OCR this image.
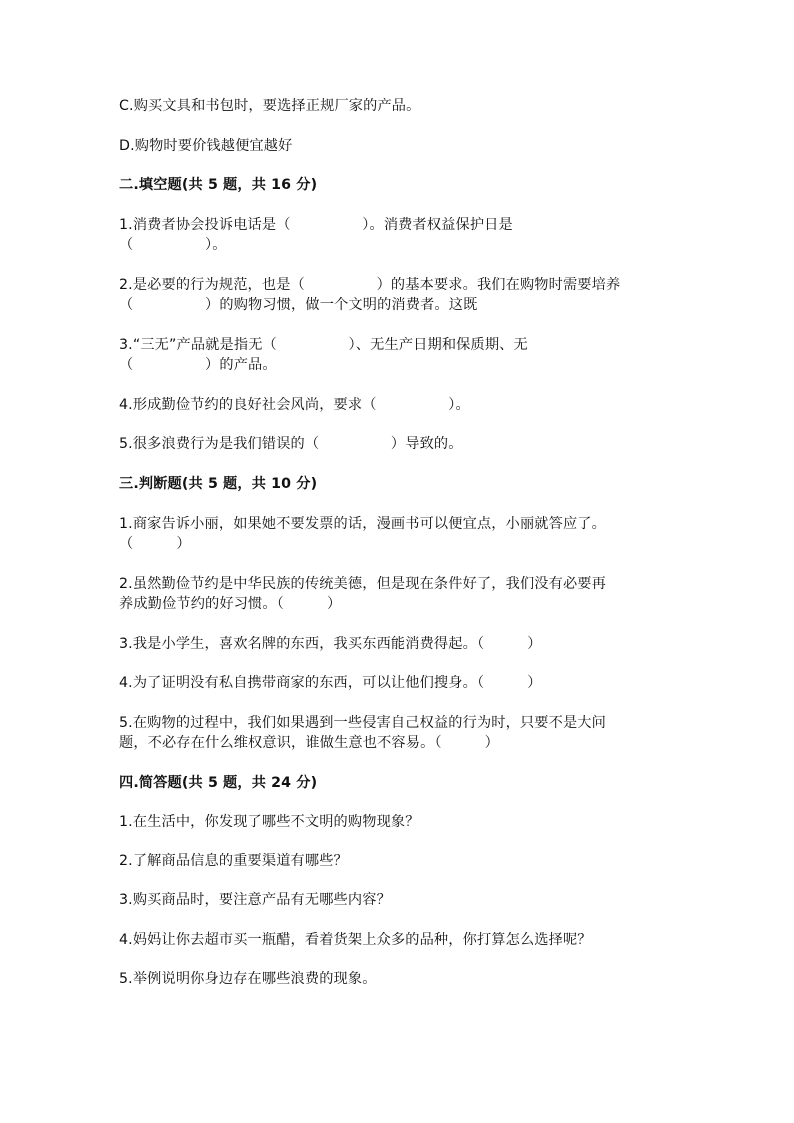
C.购买文具和书包时，要选择正规厂家的产品。
D.购物时要价钱越便宜越好
二.填空题(共 5 题，共 16 分)
1.消费者协会投诉电话是（　　　　　）。消费者权益保护日是
（　　　　　）。
2.是必要的行为规范，也是（　　　　　）的基本要求。我们在购物时需要培养
（　　　　　）的购物习惯，做一个文明的消费者。这既
3.“三无”产品就是指无（　　　　　）、无生产日期和保质期、无
（　　　　　）的产品。
4.形成勤俭节约的良好社会风尚，要求（　　　　　）。
5.很多浪费行为是我们错误的（　　　　　）导致的。
三.判断题(共 5 题，共 10 分)
1.商家告诉小丽，如果她不要发票的话，漫画书可以便宜点，小丽就答应了。
（　　　）
2.虽然勤俭节约是中华民族的传统美德，但是现在条件好了，我们没有必要再
养成勤俭节约的好习惯。（　　　）
3.我是小学生，喜欢名牌的东西，我买东西能消费得起。（　　　）
4.为了证明没有私自携带商家的东西，可以让他们搜身。（　　　）
5.在购物的过程中，我们如果遇到一些侵害自己权益的行为时，只要不是大问
题，不必存在什么维权意识，谁做生意也不容易。（　　　）
四.简答题(共 5 题，共 24 分)
1.在生活中，你发现了哪些不文明的购物现象？
2.了解商品信息的重要渠道有哪些？
3.购买商品时，要注意产品有无哪些内容？
4.妈妈让你去超市买一瓶醋，看着货架上众多的品种，你打算怎么选择呢？
5.举例说明你身边存在哪些浪费的现象。
